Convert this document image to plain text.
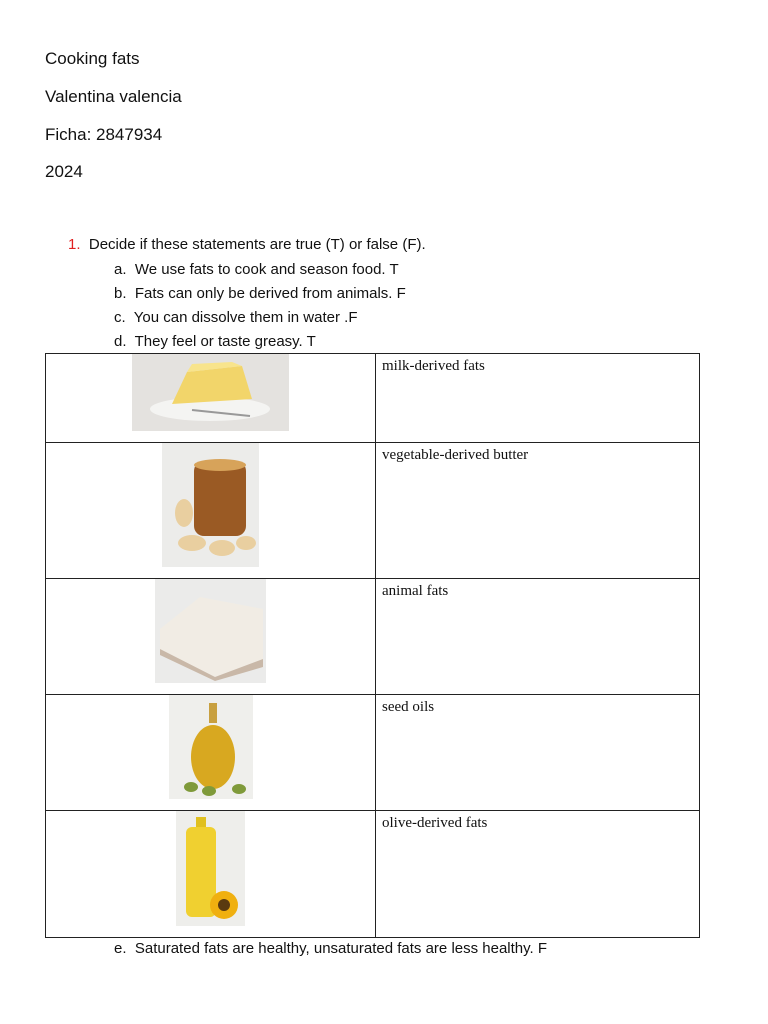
Cooking fats
Valentina valencia
Ficha: 2847934
2024
1. Decide if these statements are true (T) or false (F).
a. We use fats to cook and season food. T
b. Fats can only be derived from animals. F
c. You can dissolve them in water .F
d. They feel or taste greasy. T
	milk-derived fats

	vegetable-derived butter

	animal fats

	seed oils

	olive-derived fats
e. Saturated fats are healthy, unsaturated fats are less healthy. F
